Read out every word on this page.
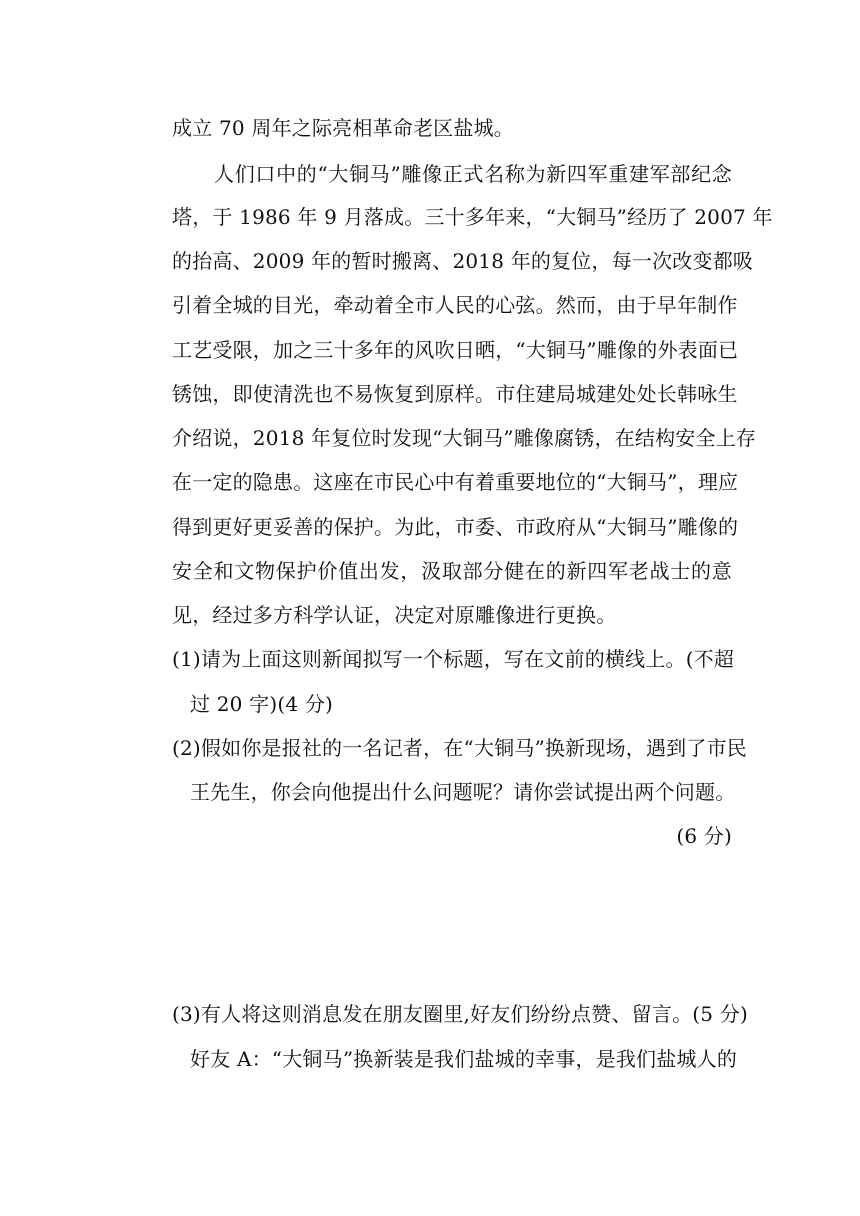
成立 70 周年之际亮相革命老区盐城。
人们口中的“大铜马”雕像正式名称为新四军重建军部纪念
塔，于 1986 年 9 月落成。三十多年来，“大铜马”经历了 2007 年
的抬高、2009 年的暂时搬离、2018 年的复位，每一次改变都吸
引着全城的目光，牵动着全市人民的心弦。然而，由于早年制作
工艺受限，加之三十多年的风吹日晒，“大铜马”雕像的外表面已
锈蚀，即使清洗也不易恢复到原样。市住建局城建处处长韩咏生
介绍说，2018 年复位时发现“大铜马”雕像腐锈，在结构安全上存
在一定的隐患。这座在市民心中有着重要地位的“大铜马”，理应
得到更好更妥善的保护。为此，市委、市政府从“大铜马”雕像的
安全和文物保护价值出发，汲取部分健在的新四军老战士的意
见，经过多方科学认证，决定对原雕像进行更换。
(1)请为上面这则新闻拟写一个标题，写在文前的横线上。(不超
过 20 字)(4 分)
(2)假如你是报社的一名记者，在“大铜马”换新现场，遇到了市民
王先生，你会向他提出什么问题呢？请你尝试提出两个问题。
(6 分)
(3)有人将这则消息发在朋友圈里,好友们纷纷点赞、留言。(5 分)
好友 A：“大铜马”换新装是我们盐城的幸事，是我们盐城人的
